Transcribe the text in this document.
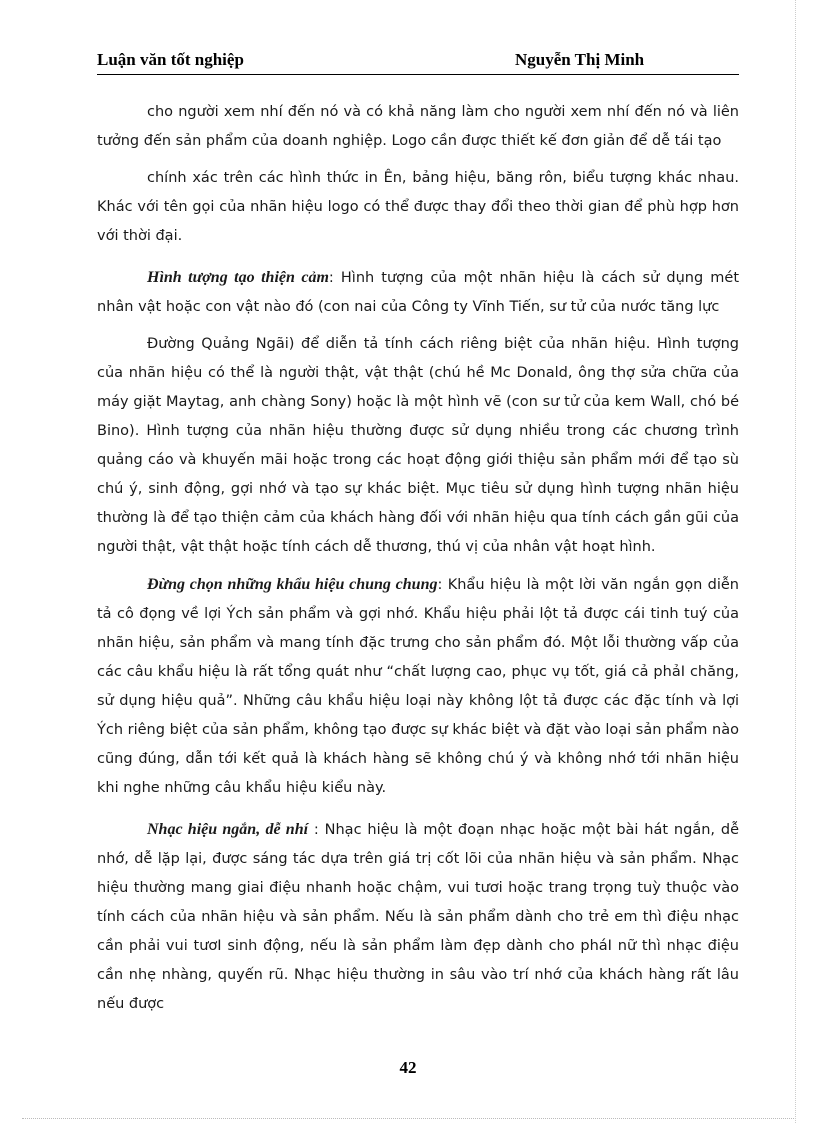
Luận văn tốt nghiệp	Nguyễn Thị Minh

cho người xem nhí đến nó và có khả năng làm cho người xem nhí đến nó và liên tưởng đến sản phẩm của doanh nghiệp. Logo cần được thiết kế đơn giản để dễ tái tạo

chính xác trên các hình thức in Ên, bảng hiệu, băng rôn, biểu tượng khác nhau. Khác với tên gọi của nhãn hiệu logo có thể được thay đổi theo thời gian để phù hợp hơn với thời đại.

Hình tượng tạo thiện cảm: Hình tượng của một nhãn hiệu là cách sử dụng mét nhân vật hoặc con vật nào đó (con nai của Công ty Vĩnh Tiến, sư tử của nước tăng lực

Đường Quảng Ngãi) để diễn tả tính cách riêng biệt của nhãn hiệu. Hình tượng của nhãn hiệu có thể là người thật, vật thật (chú hề Mc Donald, ông thợ sửa chữa của máy giặt Maytag, anh chàng Sony) hoặc là một hình vẽ (con sư tử của kem Wall, chó bé Bino). Hình tượng của nhãn hiệu thường được sử dụng nhiều trong các chương trình quảng cáo và khuyến mãi hoặc trong các hoạt động giới thiệu sản phẩm mới để tạo sù chú ý, sinh động, gợi nhớ và tạo sự khác biệt. Mục tiêu sử dụng hình tượng nhãn hiệu thường là để tạo thiện cảm của khách hàng đối với nhãn hiệu qua tính cách gần gũi của người thật, vật thật hoặc tính cách dễ thương, thú vị của nhân vật hoạt hình.

Đừng chọn những khẩu hiệu chung chung: Khẩu hiệu là một lời văn ngắn gọn diễn tả cô đọng về lợi Ých sản phẩm và gợi nhớ. Khẩu hiệu phải lột tả được cái tinh tuý của nhãn hiệu, sản phẩm và mang tính đặc trưng cho sản phẩm đó. Một lỗi thường vấp của các câu khẩu hiệu là rất tổng quát như “chất lượng cao, phục vụ tốt, giá cả phảI chăng, sử dụng hiệu quả”. Những câu khẩu hiệu loại này không lột tả được các đặc tính và lợi Ých riêng biệt của sản phẩm, không tạo được sự khác biệt và đặt vào loại sản phẩm nào cũng đúng, dẫn tới kết quả là khách hàng sẽ không chú ý và không nhớ tới nhãn hiệu khi nghe những câu khẩu hiệu kiểu này.

Nhạc hiệu ngắn, dễ nhí : Nhạc hiệu là một đoạn nhạc hoặc một bài hát ngắn, dễ nhớ, dễ lặp lại, được sáng tác dựa trên giá trị cốt lõi của nhãn hiệu và sản phẩm. Nhạc hiệu thường mang giai điệu nhanh hoặc chậm, vui tươi hoặc trang trọng tuỳ thuộc vào tính cách của nhãn hiệu và sản phẩm. Nếu là sản phẩm dành cho trẻ em thì điệu nhạc cần phải vui tươI sinh động, nếu là sản phẩm làm đẹp dành cho pháI nữ thì nhạc điệu cần nhẹ nhàng, quyến rũ. Nhạc hiệu thường in sâu vào trí nhớ của khách hàng rất lâu nếu được

42
